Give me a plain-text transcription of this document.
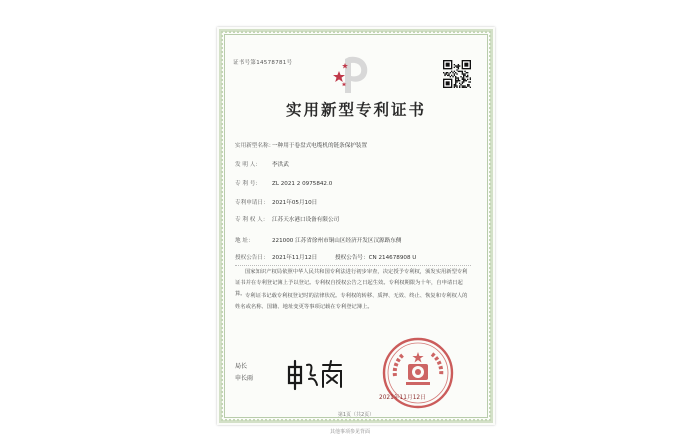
证书号第14578781号
实用新型专利证书
实用新型名称：一种用于卷盘式电缆机的链条保护装置
发 明 人： 李洪武
专 利 号： ZL 2021 2 0975842.0
专利申请日： 2021年05月10日
专 利 权 人： 江苏天水港口设备有限公司
地 址：	221000 江苏省徐州市铜山区经济开发区汉源路东侧
授权公告日： 2021年11月12日	授权公告号：CN 214678908 U
国家知识产权局依照中华人民共和国专利法进行初步审查，决定授予专利权，颁发实用新型专利证书并在专利登记簿上予以登记。专利权自授权公告之日起生效。专利权期限为十年，自申请日起算。 专利证书记载专利权登记时的法律状况。专利权的转移、质押、无效、终止、恢复和专利权人的姓名或名称、国籍、地址变更等事项记载在专利登记簿上。
局长
申长雨
2021年11月12日
第1页（共2页）
其他事项参见背面
